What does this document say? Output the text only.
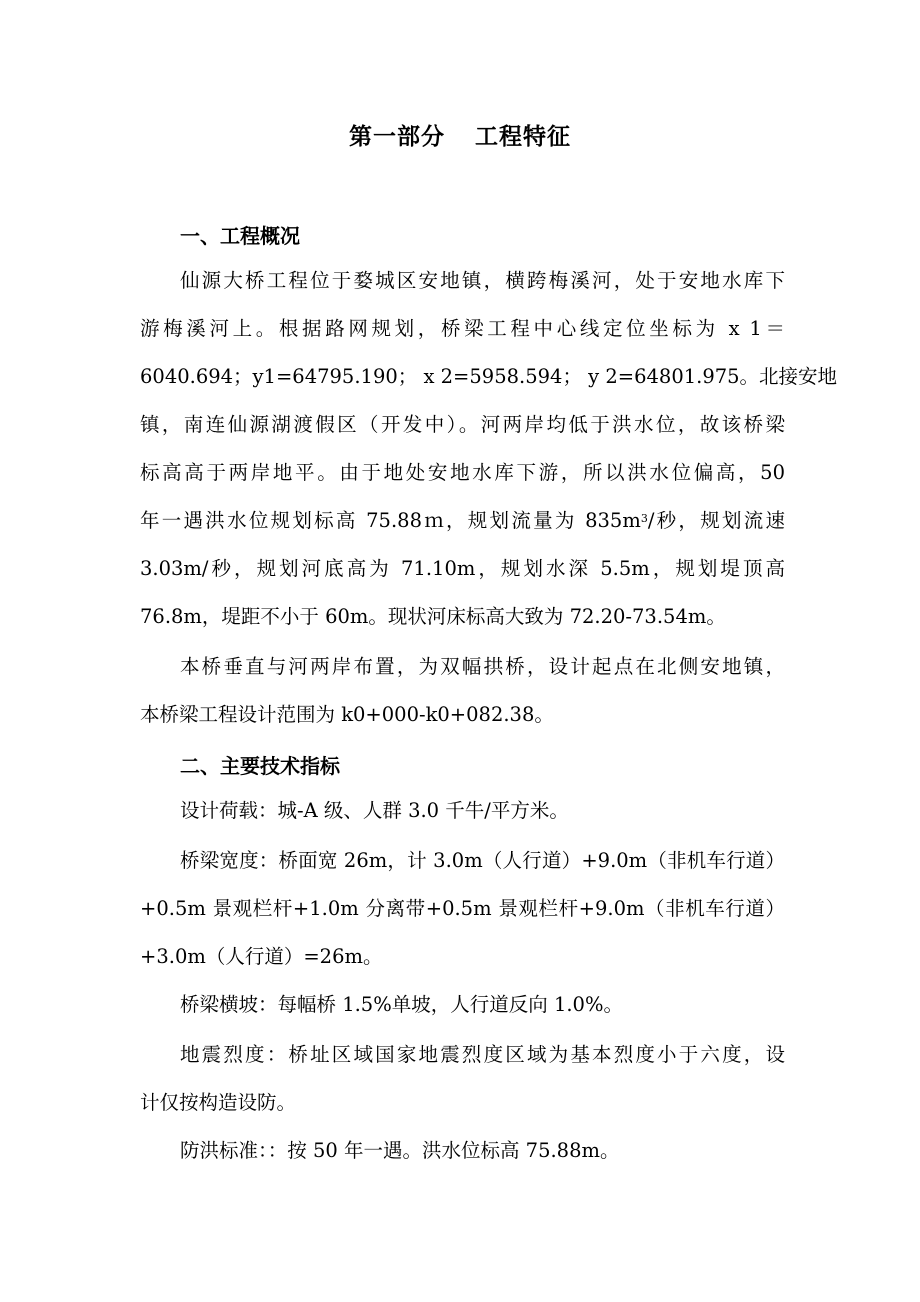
第一部分 工程特征
一、工程概况
仙源大桥工程位于婺城区安地镇，横跨梅溪河，处于安地水库下
游梅溪河上。根据路网规划，桥梁工程中心线定位坐标为 x 1＝
6040.694；y1=64795.190； x 2=5958.594； y 2=64801.975。北接安地
镇，南连仙源湖渡假区（开发中）。河两岸均低于洪水位，故该桥梁
标高高于两岸地平。由于地处安地水库下游，所以洪水位偏高，50
年一遇洪水位规划标高 75.88ｍ，规划流量为 $835m^3/$秒，规划流速
3.03m/秒，规划河底高为 71.10m，规划水深 5.5m，规划堤顶高
76.8m，堤距不小于 60m。现状河床标高大致为 72.20-73.54m。
本桥垂直与河两岸布置，为双幅拱桥，设计起点在北侧安地镇，
本桥梁工程设计范围为 k0+000-k0+082.38。
二、主要技术指标
设计荷载：城-A 级、人群 3.0 千牛/平方米。
桥梁宽度：桥面宽 26m，计 3.0m（人行道）+9.0m（非机车行道）
+0.5m 景观栏杆+1.0m 分离带+0.5m 景观栏杆+9.0m（非机车行道）
+3.0m（人行道）=26m。
桥梁横坡：每幅桥 1.5%单坡，人行道反向 1.0%。
地震烈度：桥址区域国家地震烈度区域为基本烈度小于六度，设
计仅按构造设防。
防洪标准：：按 50 年一遇。洪水位标高 75.88m。
